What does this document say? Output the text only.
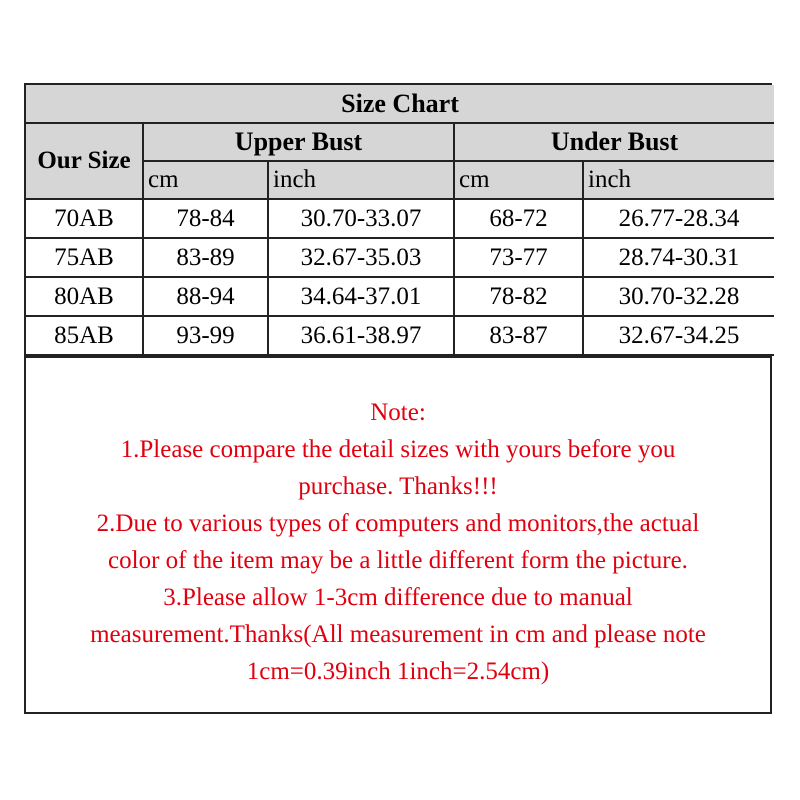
Size Chart				
Our Size	Upper Bust		Under Bust	
	cm	inch	cm	inch
70AB	78-84	30.70-33.07	68-72	26.77-28.34
75AB	83-89	32.67-35.03	73-77	28.74-30.31
80AB	88-94	34.64-37.01	78-82	30.70-32.28
85AB	93-99	36.61-38.97	83-87	32.67-34.25
Note:
1.Please compare the detail sizes with yours before you
purchase. Thanks!!!
2.Due to various types of computers and monitors,the actual
color of the item may be a little different form the picture.
3.Please allow 1-3cm difference due to manual
measurement.Thanks(All measurement in cm and please note
1cm=0.39inch 1inch=2.54cm)
